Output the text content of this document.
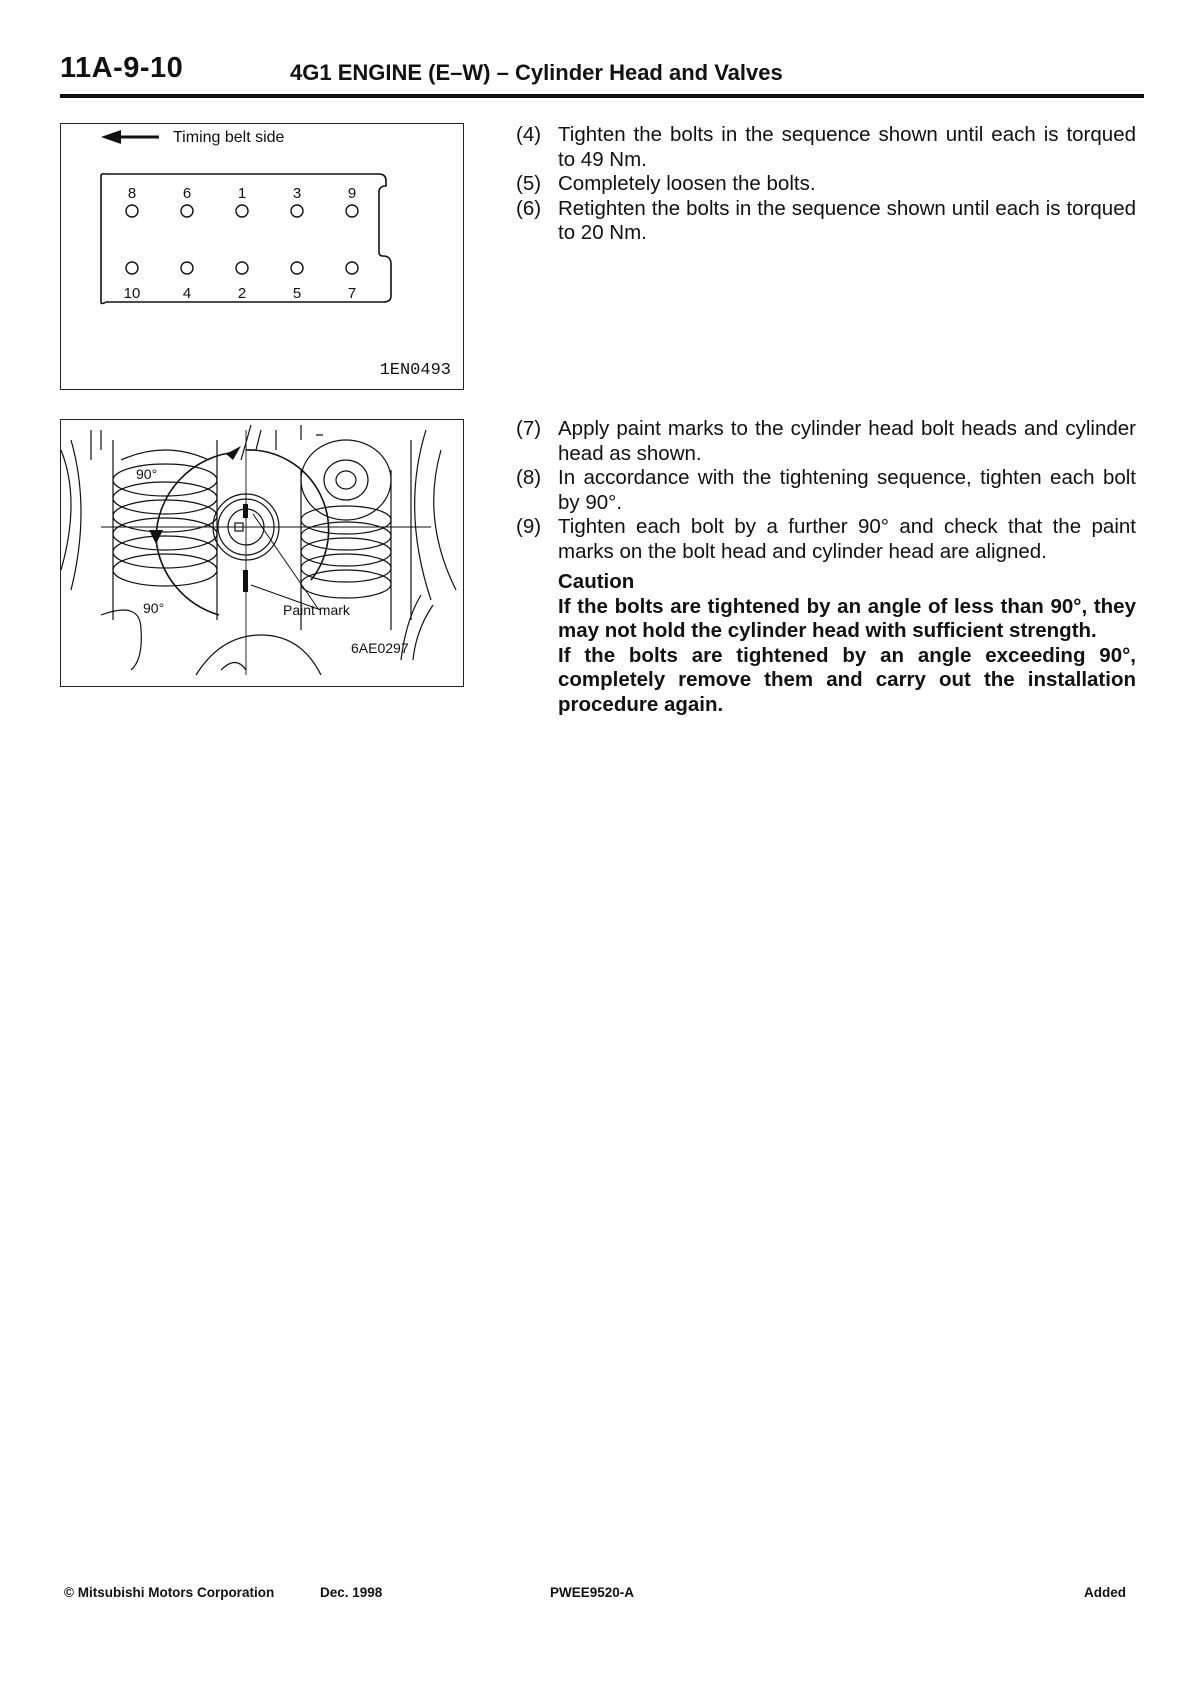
11A-9-10	4G1 ENGINE (E–W) – Cylinder Head and Valves
Timing belt side
8	6	1	3	9
10	4	2	5	7
1EN0493
90°
90°	Paint mark
6AE0297
(4) Tighten the bolts in the sequence shown until each is torqued to 49 Nm.
(5) Completely loosen the bolts.
(6) Retighten the bolts in the sequence shown until each is torqued to 20 Nm.
(7) Apply paint marks to the cylinder head bolt heads and cylinder head as shown.
(8) In accordance with the tightening sequence, tighten each bolt by 90°.
(9) Tighten each bolt by a further 90° and check that the paint marks on the bolt head and cylinder head are aligned.
Caution
If the bolts are tightened by an angle of less than 90°, they may not hold the cylinder head with sufficient strength.
If the bolts are tightened by an angle exceeding 90°, completely remove them and carry out the installation procedure again.
© Mitsubishi Motors Corporation	Dec. 1998	PWEE9520-A	Added
